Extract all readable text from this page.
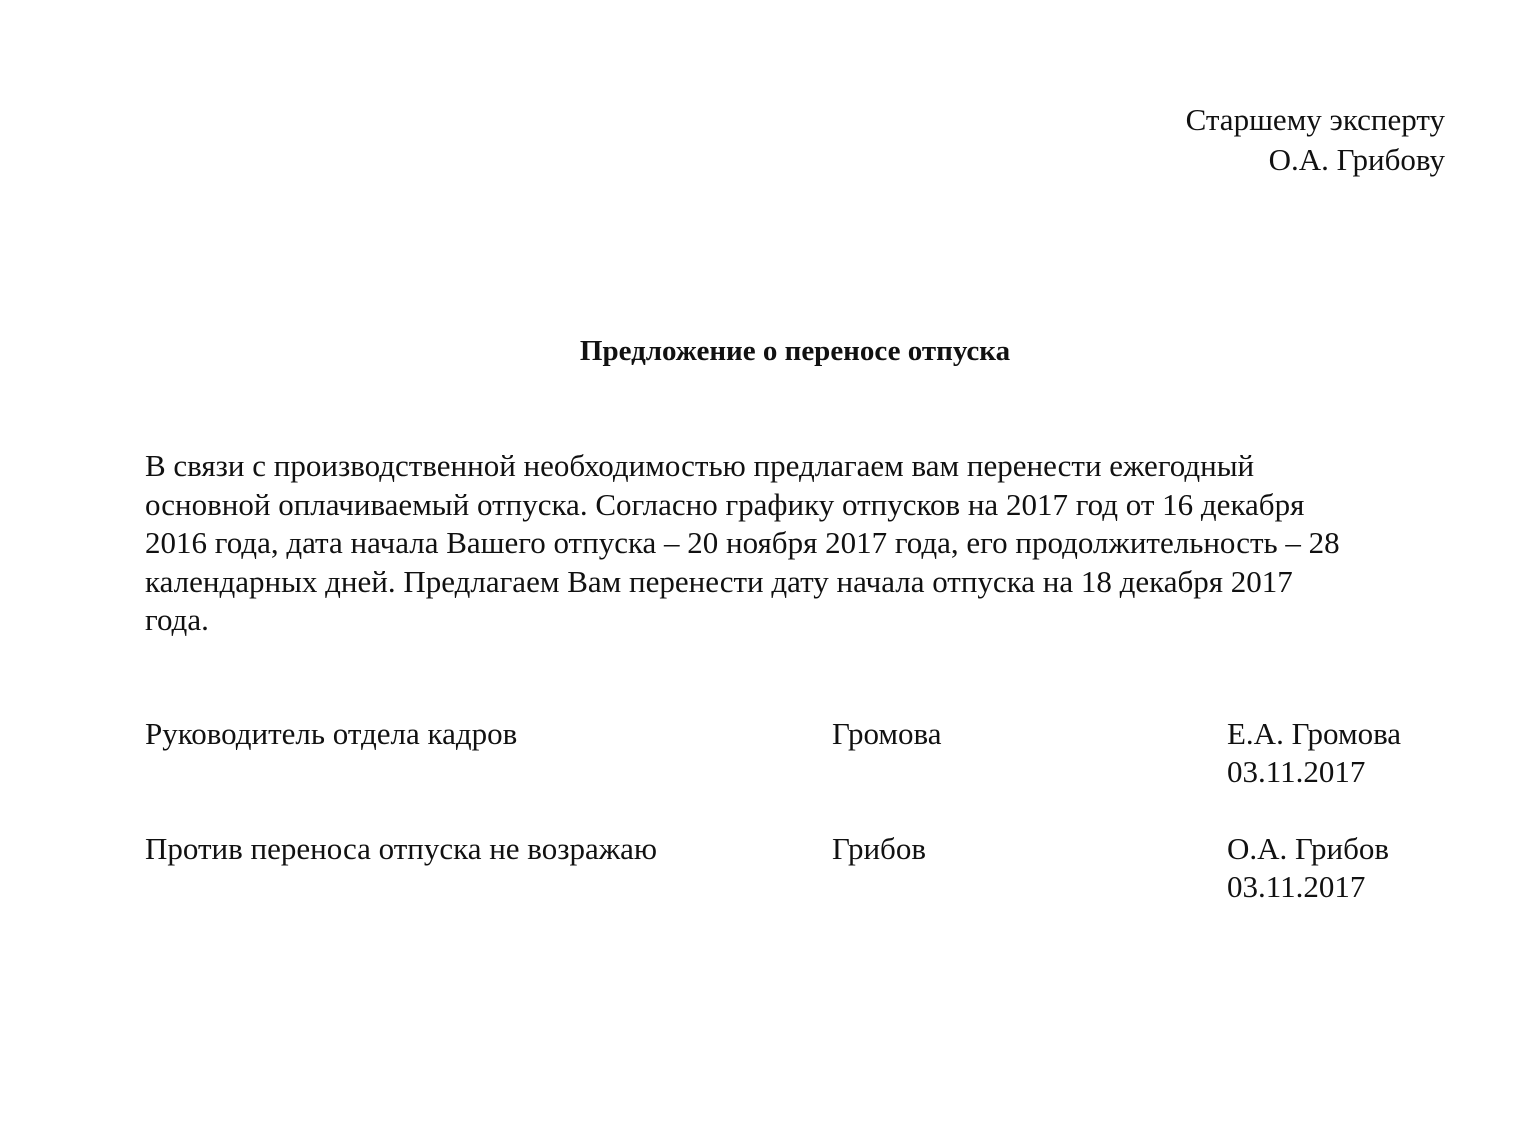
Старшему эксперту
О.А. Грибову
Предложение о переносе отпуска
В связи с производственной необходимостью предлагаем вам перенести ежегодный
основной оплачиваемый отпуска. Согласно графику отпусков на 2017 год от 16 декабря
2016 года, дата начала Вашего отпуска – 20 ноября 2017 года, его продолжительность – 28
календарных дней. Предлагаем Вам перенести дату начала отпуска на 18 декабря 2017
года.
Руководитель отдела кадров	Громова	Е.А. Громова
03.11.2017
Против переноса отпуска не возражаю	Грибов	О.А. Грибов
03.11.2017
